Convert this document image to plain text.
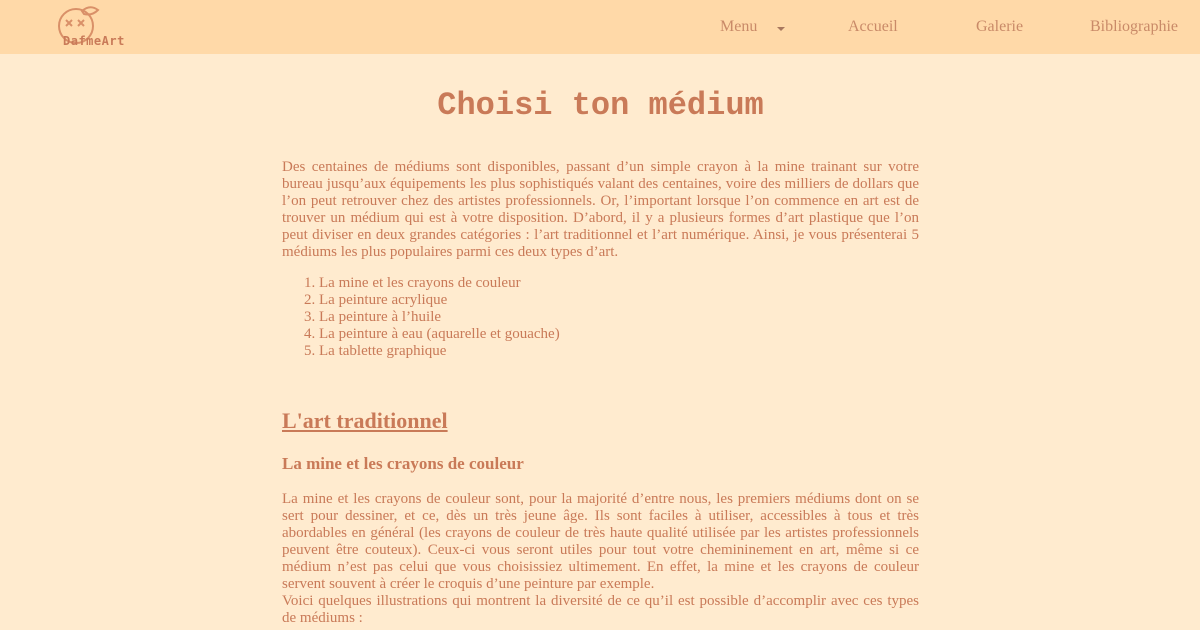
DafmeArt
Menu	Accueil	Galerie	Bibliographie
Choisi ton médium

Des centaines de médiums sont disponibles, passant d’un simple crayon à la mine trainant sur votre bureau jusqu’aux équipements les plus sophistiqués valant des centaines, voire des milliers de dollars que l’on peut retrouver chez des artistes professionnels. Or, l’important lorsque l’on commence en art est de trouver un médium qui est à votre disposition. D’abord, il y a plusieurs formes d’art plastique que l’on peut diviser en deux grandes catégories : l’art traditionnel et l’art numérique. Ainsi, je vous présenterai 5 médiums les plus populaires parmi ces deux types d’art.

1. La mine et les crayons de couleur
2. La peinture acrylique
3. La peinture à l’huile
4. La peinture à eau (aquarelle et gouache)
5. La tablette graphique
L'art traditionnel
La mine et les crayons de couleur

La mine et les crayons de couleur sont, pour la majorité d’entre nous, les premiers médiums dont on se sert pour dessiner, et ce, dès un très jeune âge. Ils sont faciles à utiliser, accessibles à tous et très abordables en général (les crayons de couleur de très haute qualité utilisée par les artistes professionnels peuvent être couteux). Ceux-ci vous seront utiles pour tout votre chemininement en art, même si ce médium n’est pas celui que vous choisissiez ultimement. En effet, la mine et les crayons de couleur servent souvent à créer le croquis d’une peinture par exemple.

Voici quelques illustrations qui montrent la diversité de ce qu’il est possible d’accomplir avec ces types de médiums :
